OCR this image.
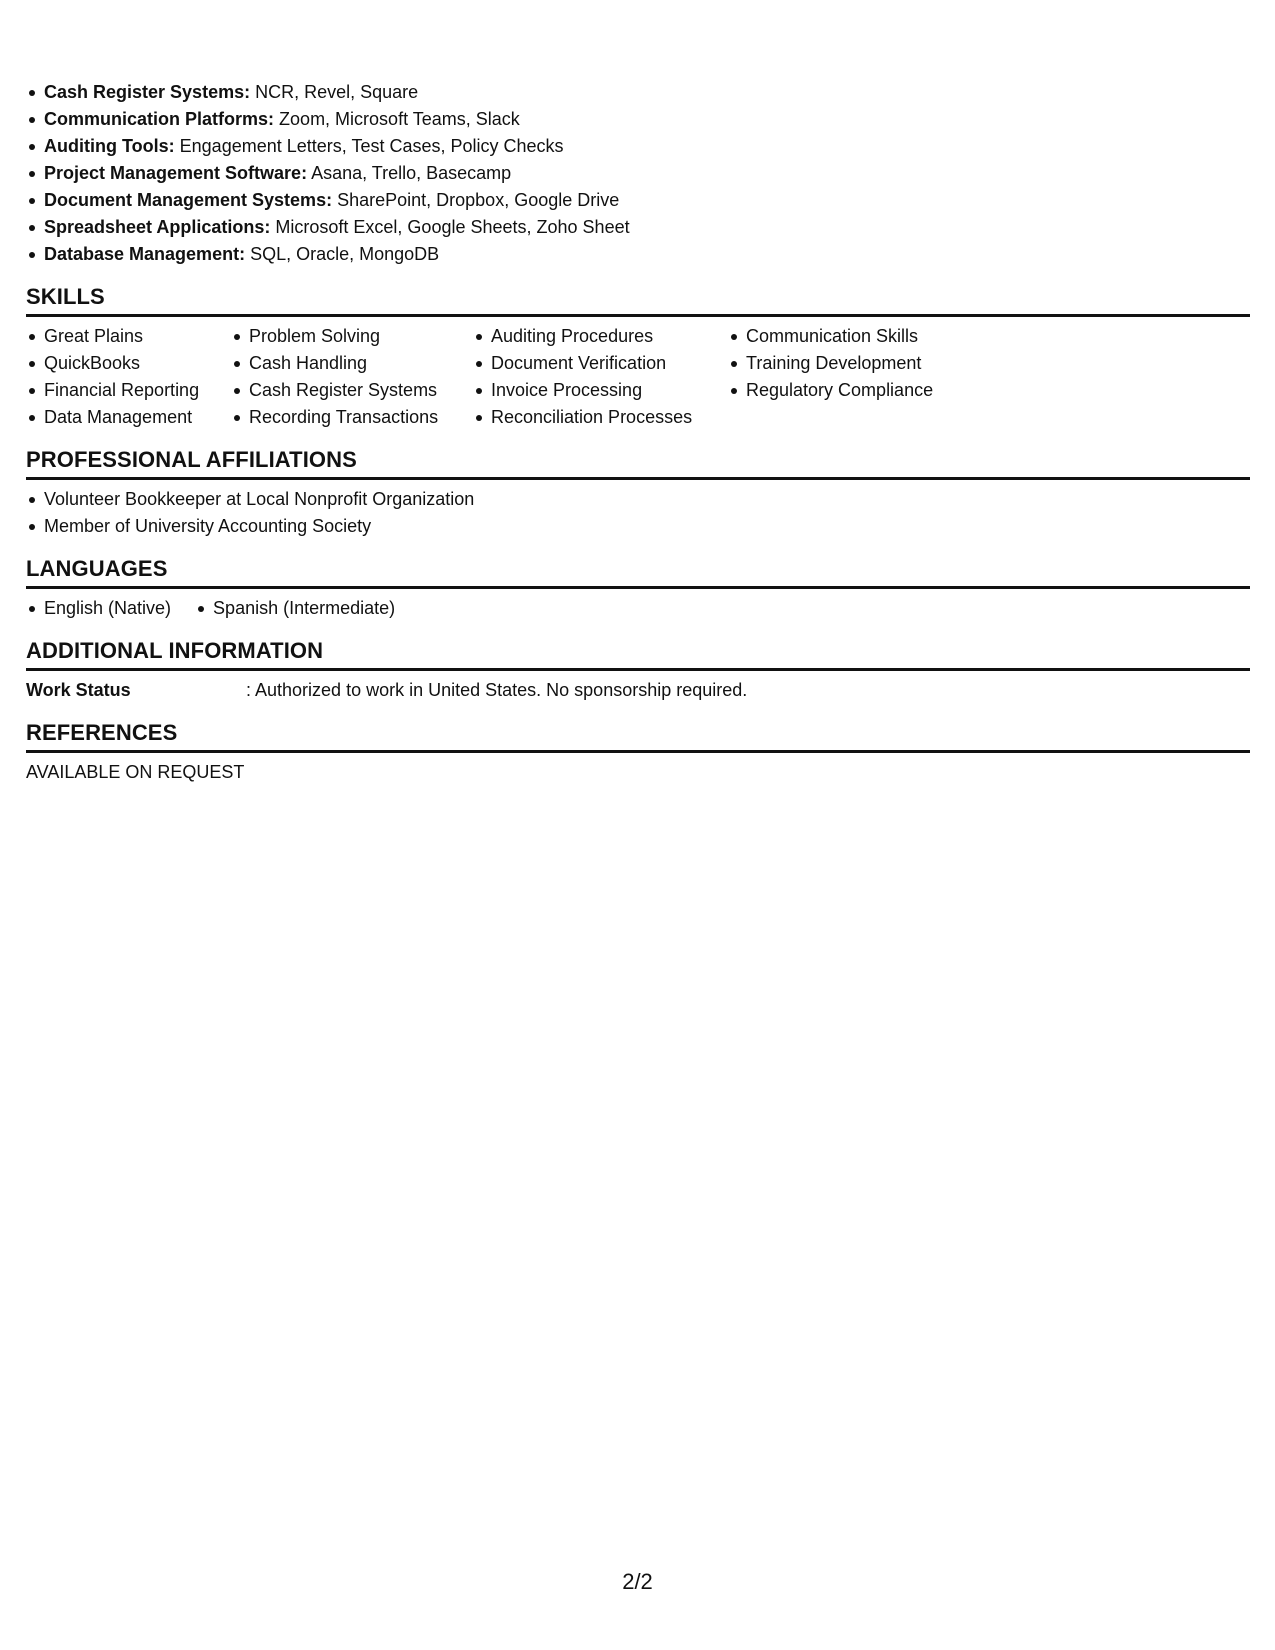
Cash Register Systems: NCR, Revel, Square
Communication Platforms: Zoom, Microsoft Teams, Slack
Auditing Tools: Engagement Letters, Test Cases, Policy Checks
Project Management Software: Asana, Trello, Basecamp
Document Management Systems: SharePoint, Dropbox, Google Drive
Spreadsheet Applications: Microsoft Excel, Google Sheets, Zoho Sheet
Database Management: SQL, Oracle, MongoDB
SKILLS
Great Plains
QuickBooks
Financial Reporting
Data Management
Problem Solving
Cash Handling
Cash Register Systems
Recording Transactions
Auditing Procedures
Document Verification
Invoice Processing
Reconciliation Processes
Communication Skills
Training Development
Regulatory Compliance
PROFESSIONAL AFFILIATIONS
Volunteer Bookkeeper at Local Nonprofit Organization
Member of University Accounting Society
LANGUAGES
English (Native)	Spanish (Intermediate)
ADDITIONAL INFORMATION
Work Status	: Authorized to work in United States. No sponsorship required.
REFERENCES
AVAILABLE ON REQUEST
2/2
